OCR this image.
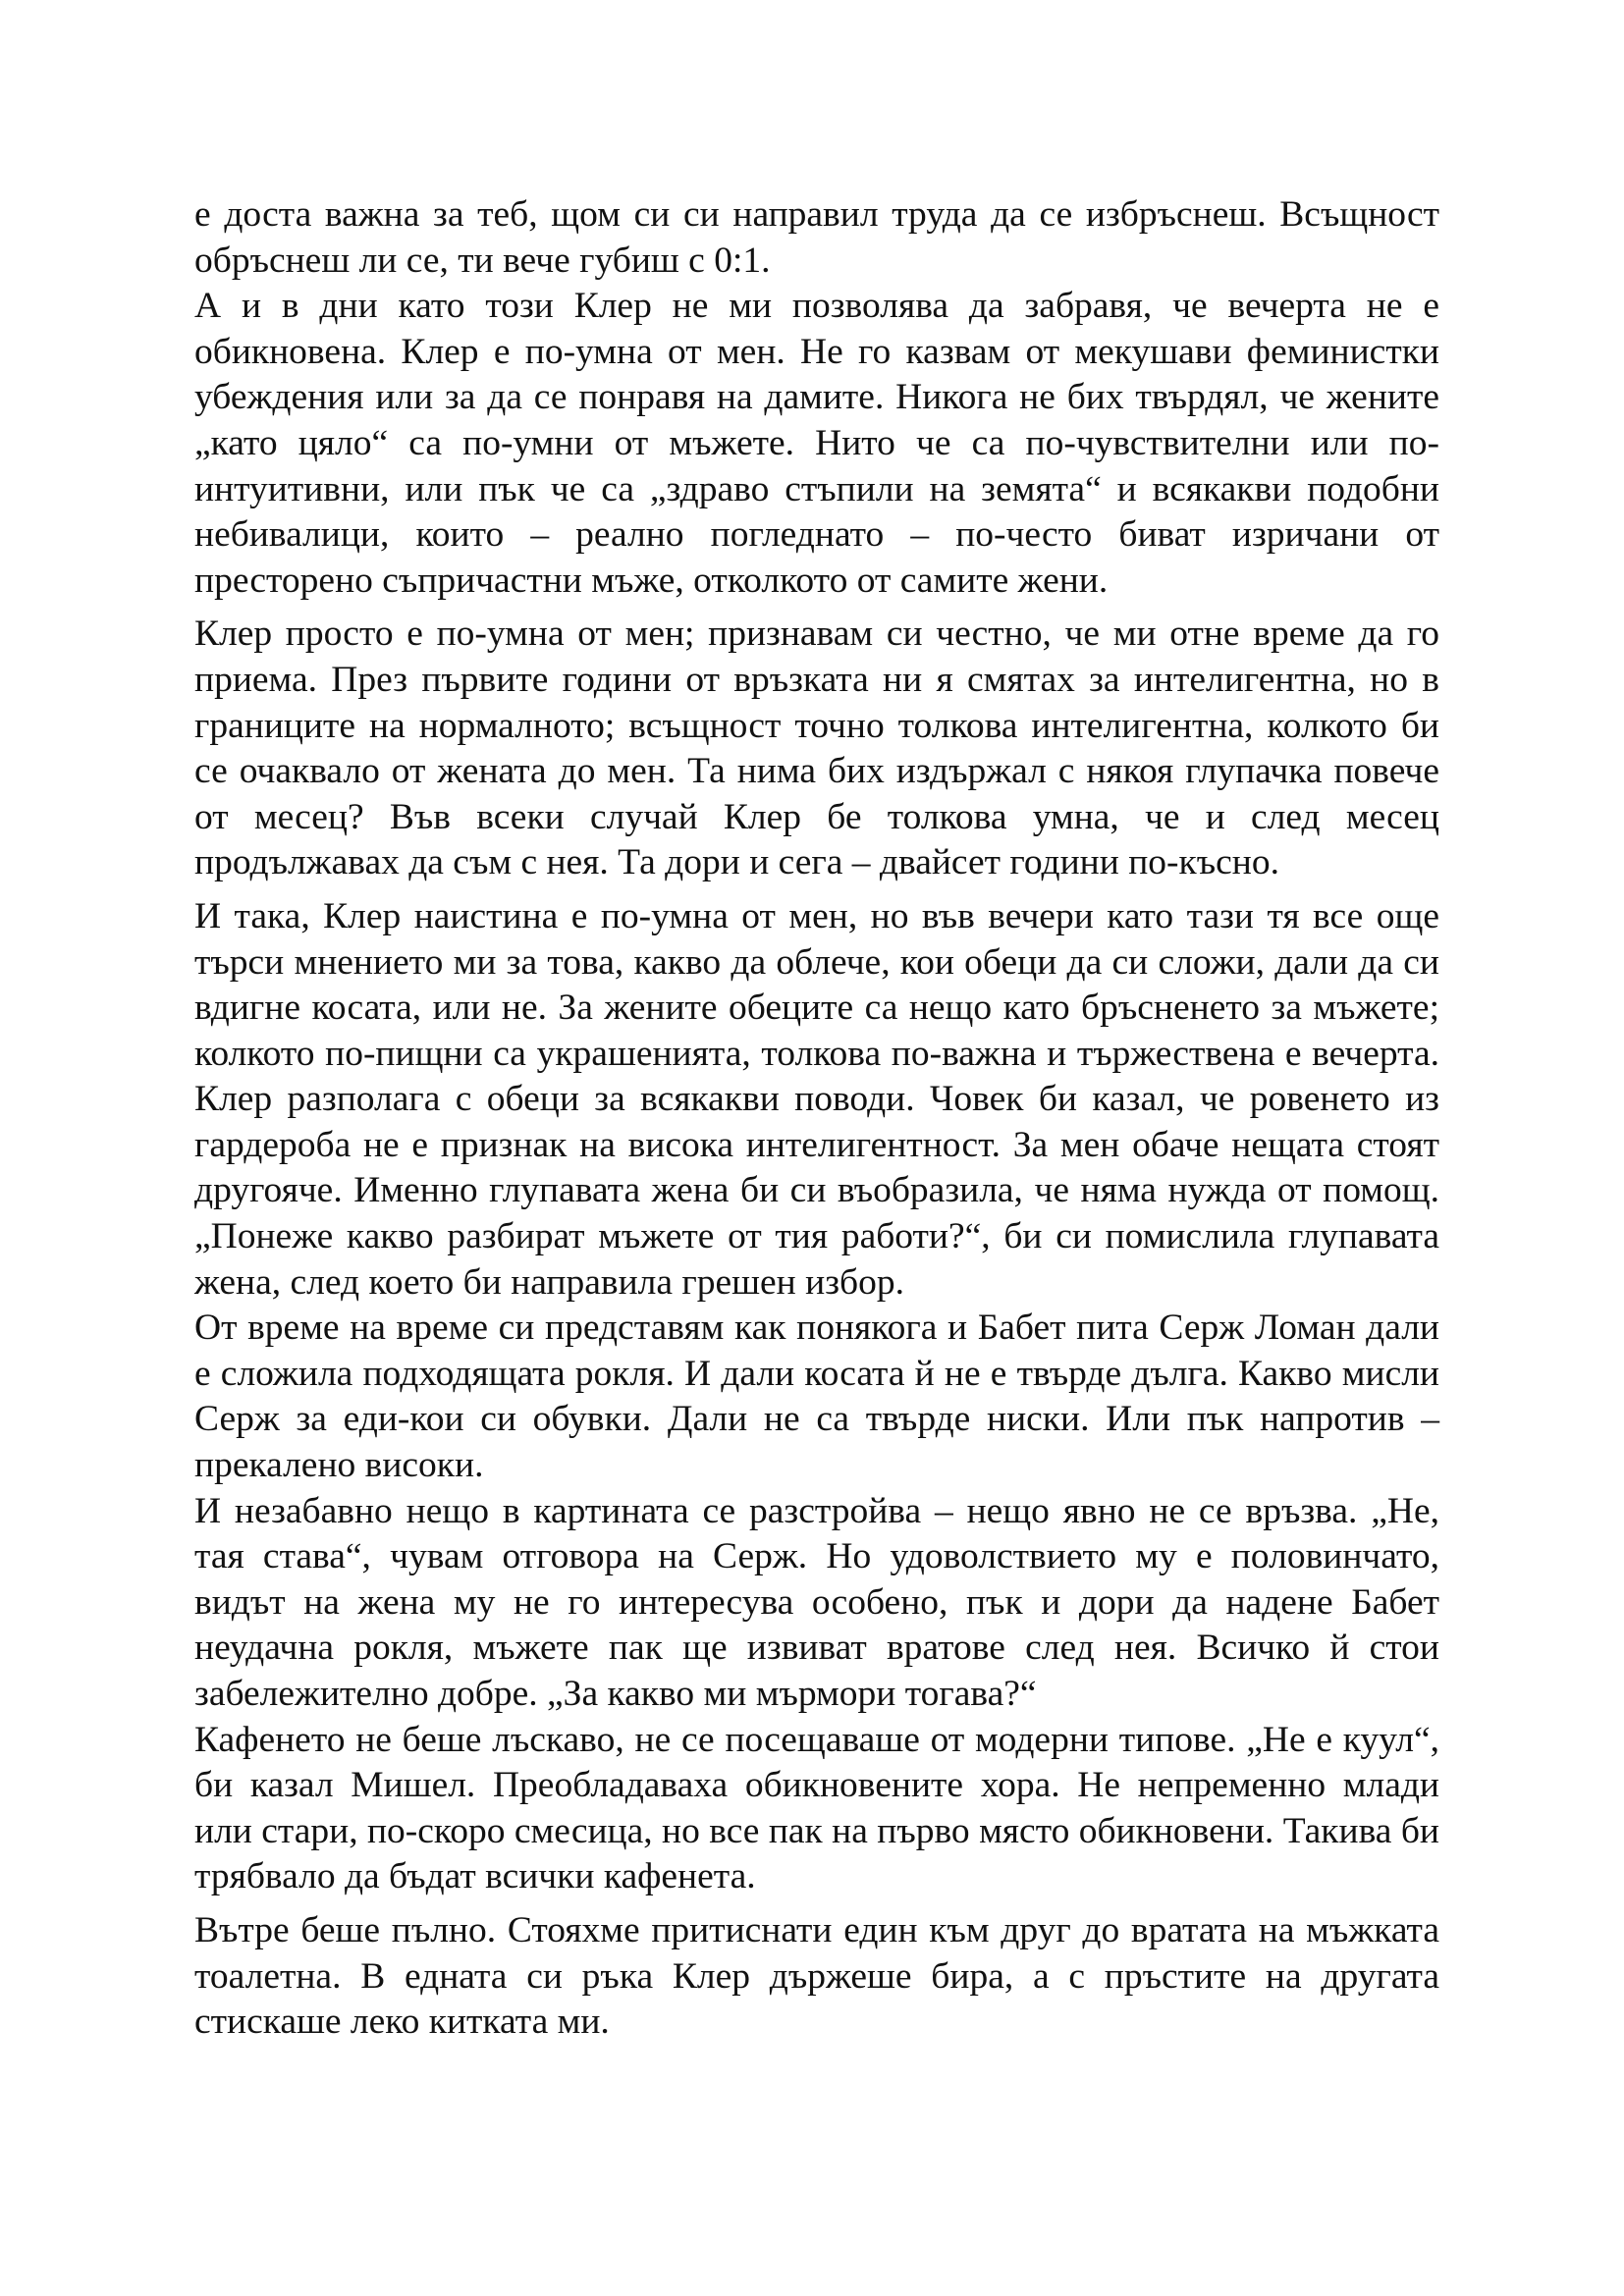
е доста важна за теб, щом си си направил труда да се избръснеш. Всъщност обръснеш ли се, ти вече губиш с 0:1.

А и в дни като този Клер не ми позволява да забравя, че вечерта не е обикновена. Клер е по-умна от мен. Не го казвам от мекушави феминистки убеждения или за да се понравя на дамите. Никога не бих твърдял, че жените „като цяло“ са по-умни от мъжете. Нито че са по-чувствителни или по-интуитивни, или пък че са „здраво стъпили на земята“ и всякакви подобни небивалици, които – реално погледнато – по-често биват изричани от престорено съпричастни мъже, отколкото от самите жени.

Клер просто е по-умна от мен; признавам си честно, че ми отне време да го приема. През първите години от връзката ни я смятах за интелигентна, но в границите на нормалното; всъщност точно толкова интелигентна, колкото би се очаквало от жената до мен. Та нима бих издържал с някоя глупачка повече от месец? Във всеки случай Клер бе толкова умна, че и след месец продължавах да съм с нея. Та дори и сега – двайсет години по-късно.

И така, Клер наистина е по-умна от мен, но във вечери като тази тя все още търси мнението ми за това, какво да облече, кои обеци да си сложи, дали да си вдигне косата, или не. За жените обеците са нещо като бръсненето за мъжете; колкото по-пищни са украшенията, толкова по-важна и тържествена е вечерта. Клер разполага с обеци за всякакви поводи. Човек би казал, че ровенето из гардероба не е признак на висока интелигентност. За мен обаче нещата стоят другояче. Именно глупавата жена би си въобразила, че няма нужда от помощ. „Понеже какво разбират мъжете от тия работи?“, би си помислила глупавата жена, след което би направила грешен избор.

От време на време си представям как понякога и Бабет пита Серж Ломан дали е сложила подходящата рокля. И дали косата й не е твърде дълга. Какво мисли Серж за еди-кои си обувки. Дали не са твърде ниски. Или пък напротив – прекалено високи.

И незабавно нещо в картината се разстройва – нещо явно не се връзва. „Не, тая става“, чувам отговора на Серж. Но удоволствието му е половинчато, видът на жена му не го интересува особено, пък и дори да надене Бабет неудачна рокля, мъжете пак ще извиват вратове след нея. Всичко й стои забележително добре. „За какво ми мърмори тогава?“

Кафенето не беше лъскаво, не се посещаваше от модерни типове. „Не е куул“, би казал Мишел. Преобладаваха обикновените хора. Не непременно млади или стари, по-скоро смесица, но все пак на първо място обикновени. Такива би трябвало да бъдат всички кафенета.

Вътре беше пълно. Стояхме притиснати един към друг до вратата на мъжката тоалетна. В едната си ръка Клер държеше бира, а с пръстите на другата стискаше леко китката ми.
